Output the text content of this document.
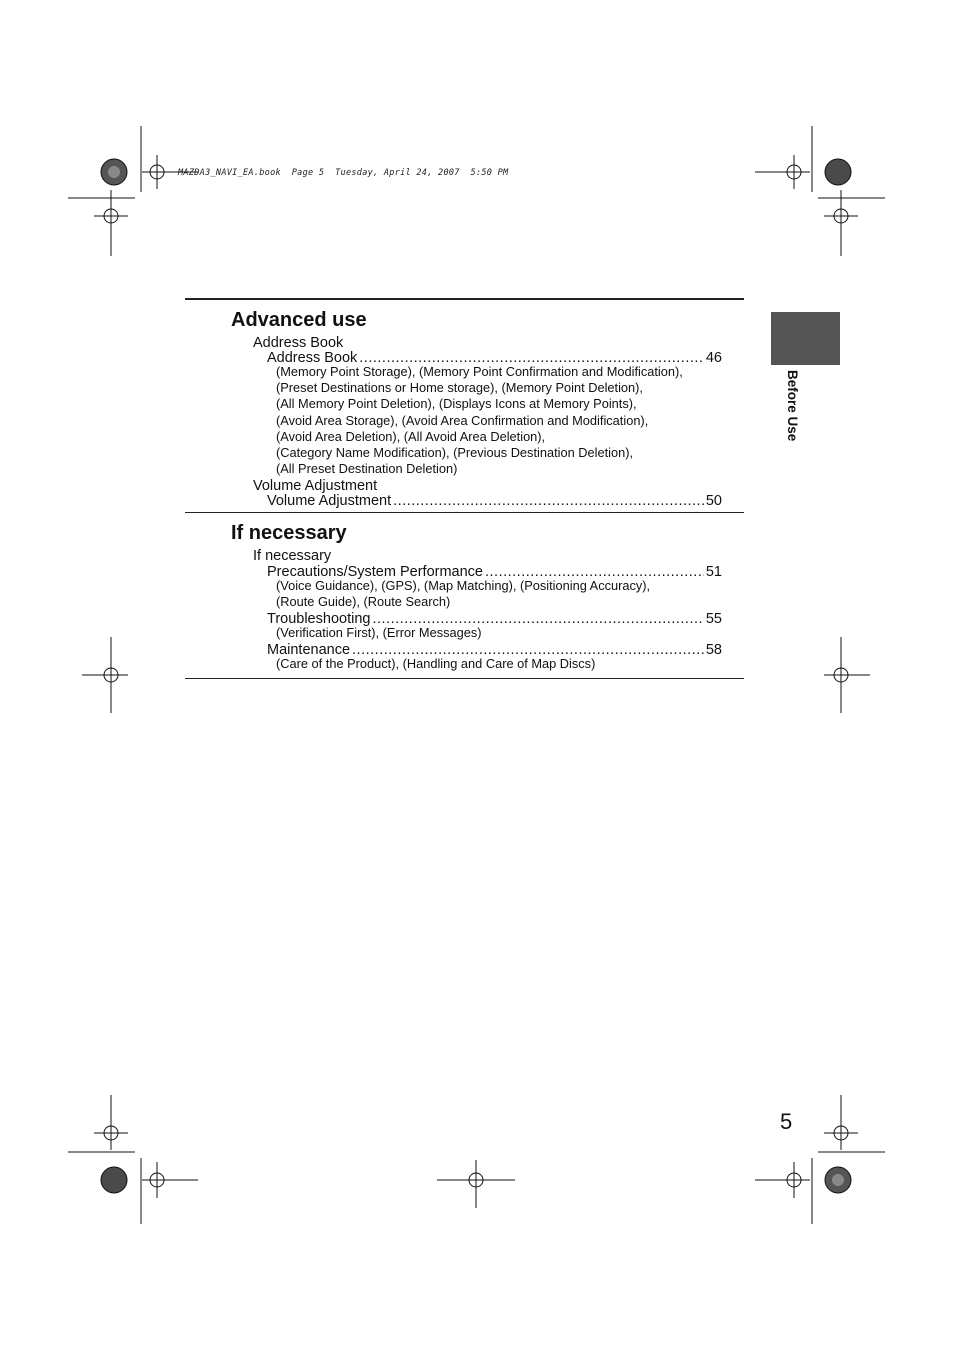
MAZDA3_NAVI_EA.book  Page 5  Tuesday, April 24, 2007  5:50 PM
Advanced use
Address Book
Address Book .....	46
(Memory Point Storage), (Memory Point Confirmation and Modification),
(Preset Destinations or Home storage), (Memory Point Deletion),
(All Memory Point Deletion), (Displays Icons at Memory Points),
(Avoid Area Storage), (Avoid Area Confirmation and Modification),
(Avoid Area Deletion), (All Avoid Area Deletion),
(Category Name Modification), (Previous Destination Deletion),
(All Preset Destination Deletion)
Volume Adjustment
Volume Adjustment .....	50
If necessary
If necessary
Precautions/System Performance .....	51
(Voice Guidance), (GPS), (Map Matching), (Positioning Accuracy),
(Route Guide), (Route Search)
Troubleshooting .....	55
(Verification First), (Error Messages)
Maintenance .....	58
(Care of the Product), (Handling and Care of Map Discs)
Before Use
5
